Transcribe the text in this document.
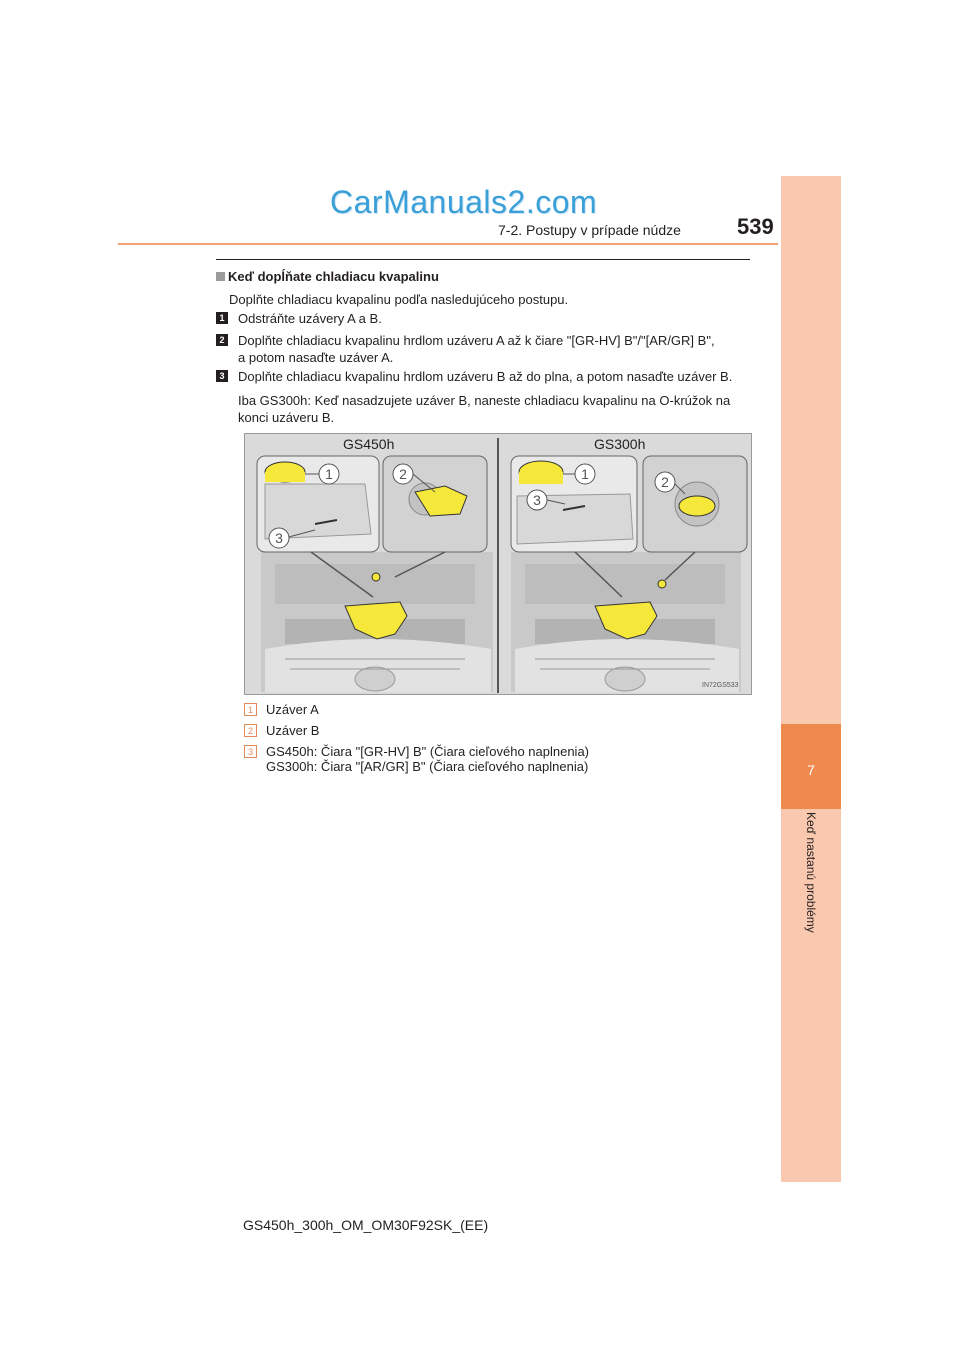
7
Keď nastanú problémy
CarManuals2.com
7-2. Postupy v prípade núdze	539
Keď dopĺňate chladiacu kvapalinu
Doplňte chladiacu kvapalinu podľa nasledujúceho postupu.
1 Odstráňte uzávery A a B.
2 Doplňte chladiacu kvapalinu hrdlom uzáveru A až k čiare "[GR-HV] B"/"[AR/GR] B",
a potom nasaďte uzáver A.
3 Doplňte chladiacu kvapalinu hrdlom uzáveru B až do plna, a potom nasaďte uzáver B.
Iba GS300h: Keď nasadzujete uzáver B, naneste chladiacu kvapalinu na O-krúžok na
konci uzáveru B.
1	2
3
1	2
3
GS450h	GS300h
IN72GS533
1	Uzáver A
2	Uzáver B
3	GS450h: Čiara "[GR-HV] B" (Čiara cieľového naplnenia)
GS300h: Čiara "[AR/GR] B" (Čiara cieľového naplnenia)
GS450h_300h_OM_OM30F92SK_(EE)
